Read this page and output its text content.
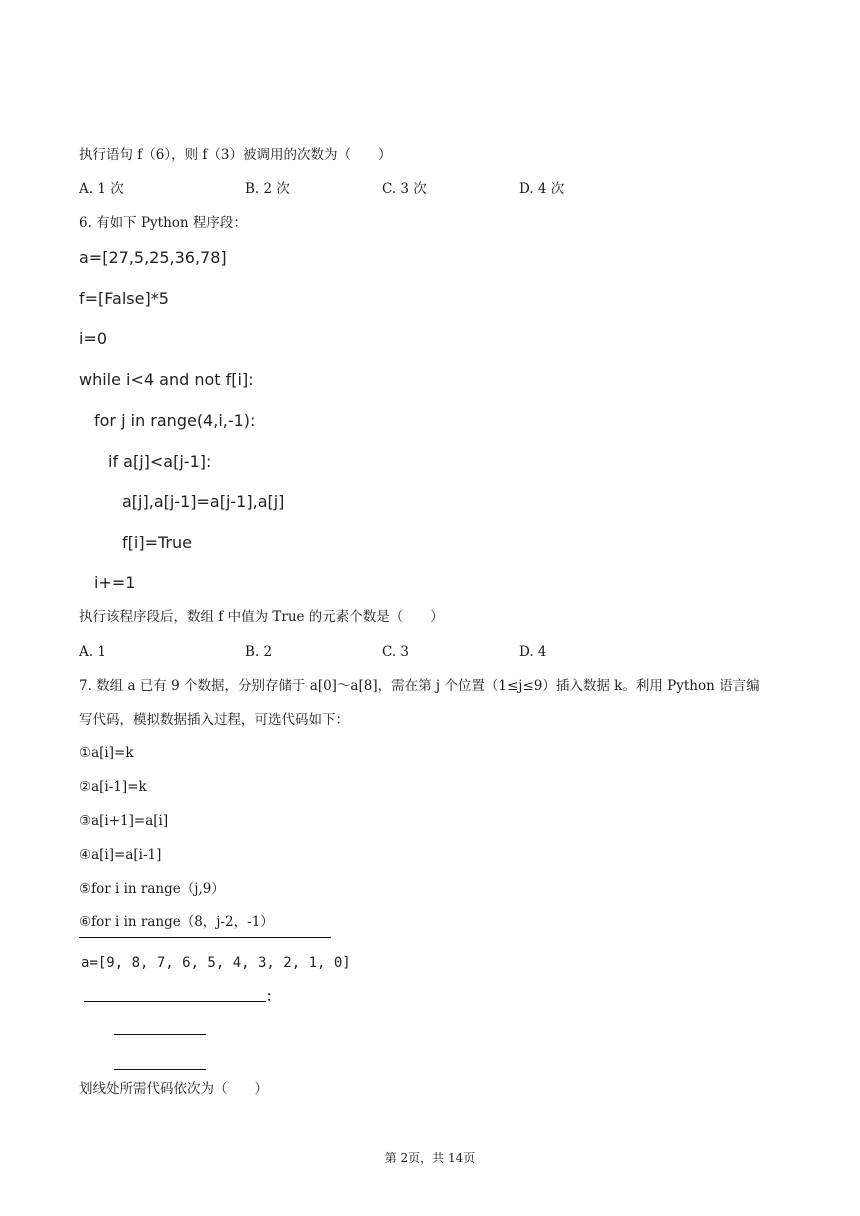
执行语句 f（6），则 f（3）被调用的次数为（　　）
A. 1 次	B. 2 次	C. 3 次	D. 4 次
6. 有如下 Python 程序段：
a=[27,5,25,36,78]
f=[False]*5
i=0
while i<4 and not f[i]:
for j in range(4,i,-1):
if a[j]<a[j-1]:
a[j],a[j-1]=a[j-1],a[j]
f[i]=True
i+=1
执行该程序段后，数组 f 中值为 True 的元素个数是（　　）
A. 1	B. 2	C. 3	D. 4
7. 数组 a 已有 9 个数据，分别存储于 a[0]～a[8]，需在第 j 个位置（1≤j≤9）插入数据 k。利用 Python 语言编
写代码，模拟数据插入过程，可选代码如下：
①a[i]=k
②a[i-1]=k
③a[i+1]=a[i]
④a[i]=a[i-1]
⑤for i in range（j,9）
⑥for i in range（8，j-2，-1）
a=[9, 8, 7, 6, 5, 4, 3, 2, 1, 0]
：
划线处所需代码依次为（　　）
第 2页，共 14页
